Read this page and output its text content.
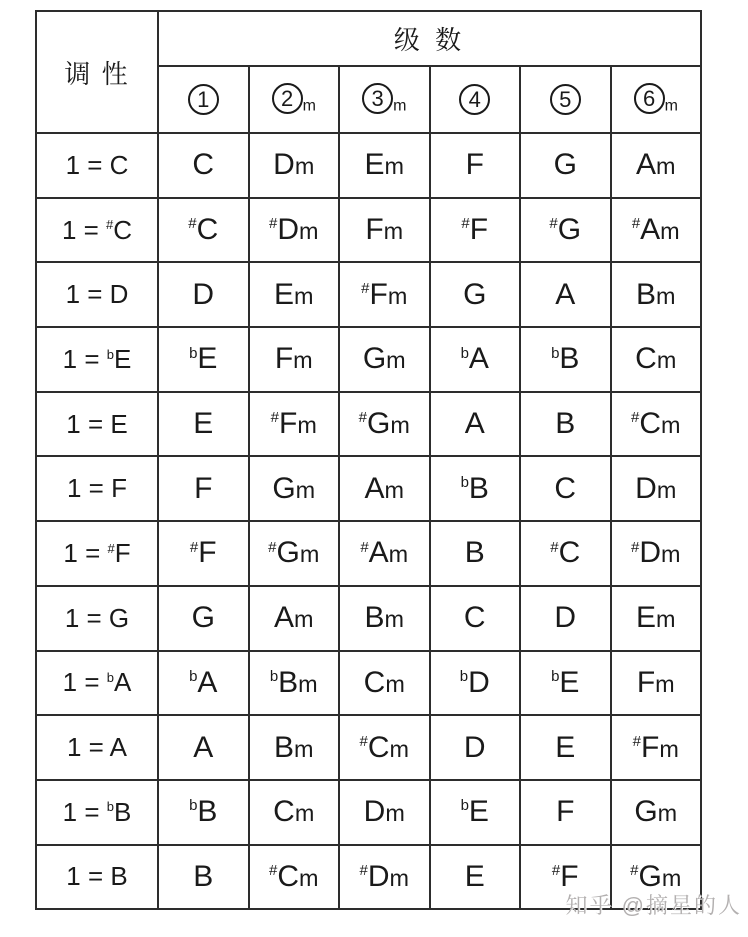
调 性	级 数					
	1	2 m	3 m	4	5	6 m
1 = C	C	Dm	Em	F	G	Am
1 = #C	#C	#Dm	Fm	#F	#G	#Am
1 = D	D	Em	#Fm	G	A	Bm
1 = bE	bE	Fm	Gm	bA	bB	Cm
1 = E	E	#Fm	#Gm	A	B	#Cm
1 = F	F	Gm	Am	bB	C	Dm
1 = #F	#F	#Gm	#Am	B	#C	#Dm
1 = G	G	Am	Bm	C	D	Em
1 = bA	bA	bBm	Cm	bD	bE	Fm
1 = A	A	Bm	#Cm	D	E	#Fm
1 = bB	bB	Cm	Dm	bE	F	Gm
1 = B	B	#Cm	#Dm	E	#F	#Gm
知乎 @摘星的人
